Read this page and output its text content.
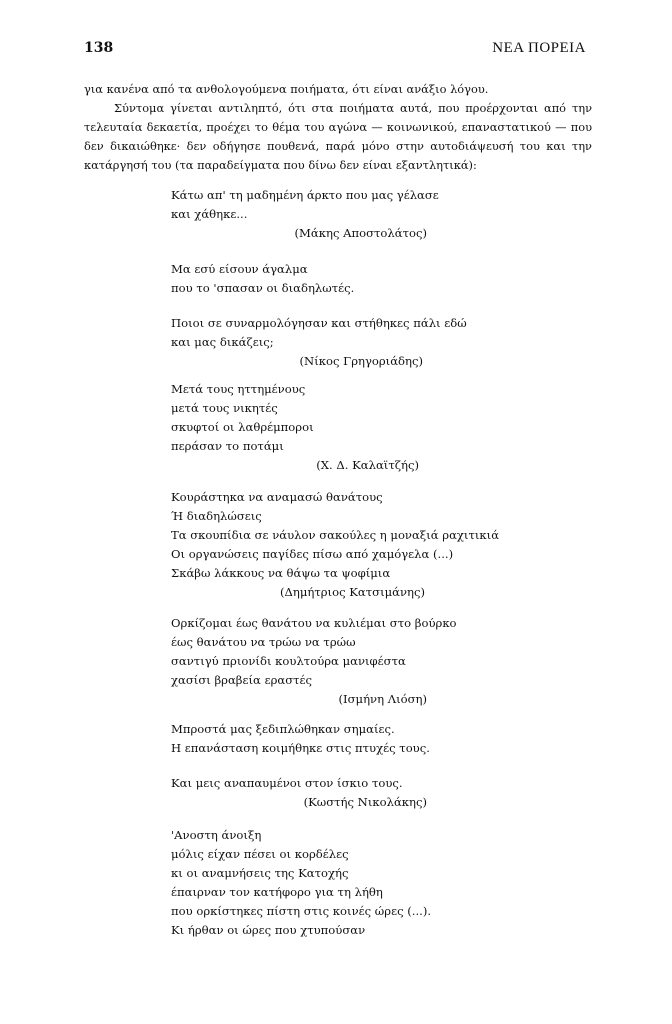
138	ΝΕΑ ΠΟΡΕΙΑ

για κανένα από τα ανθολογούμενα ποιήματα, ότι είναι ανάξιο λόγου.

Σύντομα γίνεται αντιληπτό, ότι στα ποιήματα αυτά, που προέρχονται από την τελευταία δεκαετία, προέχει το θέμα του αγώνα — κοινωνικού, επαναστατικού — που δεν δικαιώθηκε· δεν οδήγησε πουθενά, παρά μόνο στην αυτοδιάψευσή του και την κατάργησή του (τα παραδείγματα που δίνω δεν είναι εξαντλητικά):

Κάτω απ' τη μαδημένη άρκτο που μας γέλασε
και χάθηκε...
(Μάκης Αποστολάτος)
Μα εσύ είσουν άγαλμα
που το 'σπασαν οι διαδηλωτές.
Ποιοι σε συναρμολόγησαν και στήθηκες πάλι εδώ
και μας δικάζεις;
(Νίκος Γρηγοριάδης)
Μετά τους ηττημένους
μετά τους νικητές
σκυφτοί οι λαθρέμποροι
περάσαν το ποτάμι
(Χ. Δ. Καλαϊτζής)
Κουράστηκα να αναμασώ θανάτους
Ή διαδηλώσεις
Τα σκουπίδια σε νάυλον σακούλες η μοναξιά ραχιτικιά
Οι οργανώσεις παγίδες πίσω από χαμόγελα (...)
Σκάβω λάκκους να θάψω τα ψοφίμια
(Δημήτριος Κατσιμάνης)
Ορκίζομαι έως θανάτου να κυλιέμαι στο βούρκο
έως θανάτου να τρώω να τρώω
σαντιγύ πριονίδι κουλτούρα μανιφέστα
χασίσι βραβεία εραστές
(Ισμήνη Λιόση)
Μπροστά μας ξεδιπλώθηκαν σημαίες.
Η επανάσταση κοιμήθηκε στις πτυχές τους.
Και μεις αναπαυμένοι στον ίσκιο τους.
(Κωστής Νικολάκης)
'Ανοστη άνοιξη
μόλις είχαν πέσει οι κορδέλες
κι οι αναμνήσεις της Κατοχής
έπαιρναν τον κατήφορο για τη λήθη
που ορκίστηκες πίστη στις κοινές ώρες (...).
Κι ήρθαν οι ώρες που χτυπούσαν
